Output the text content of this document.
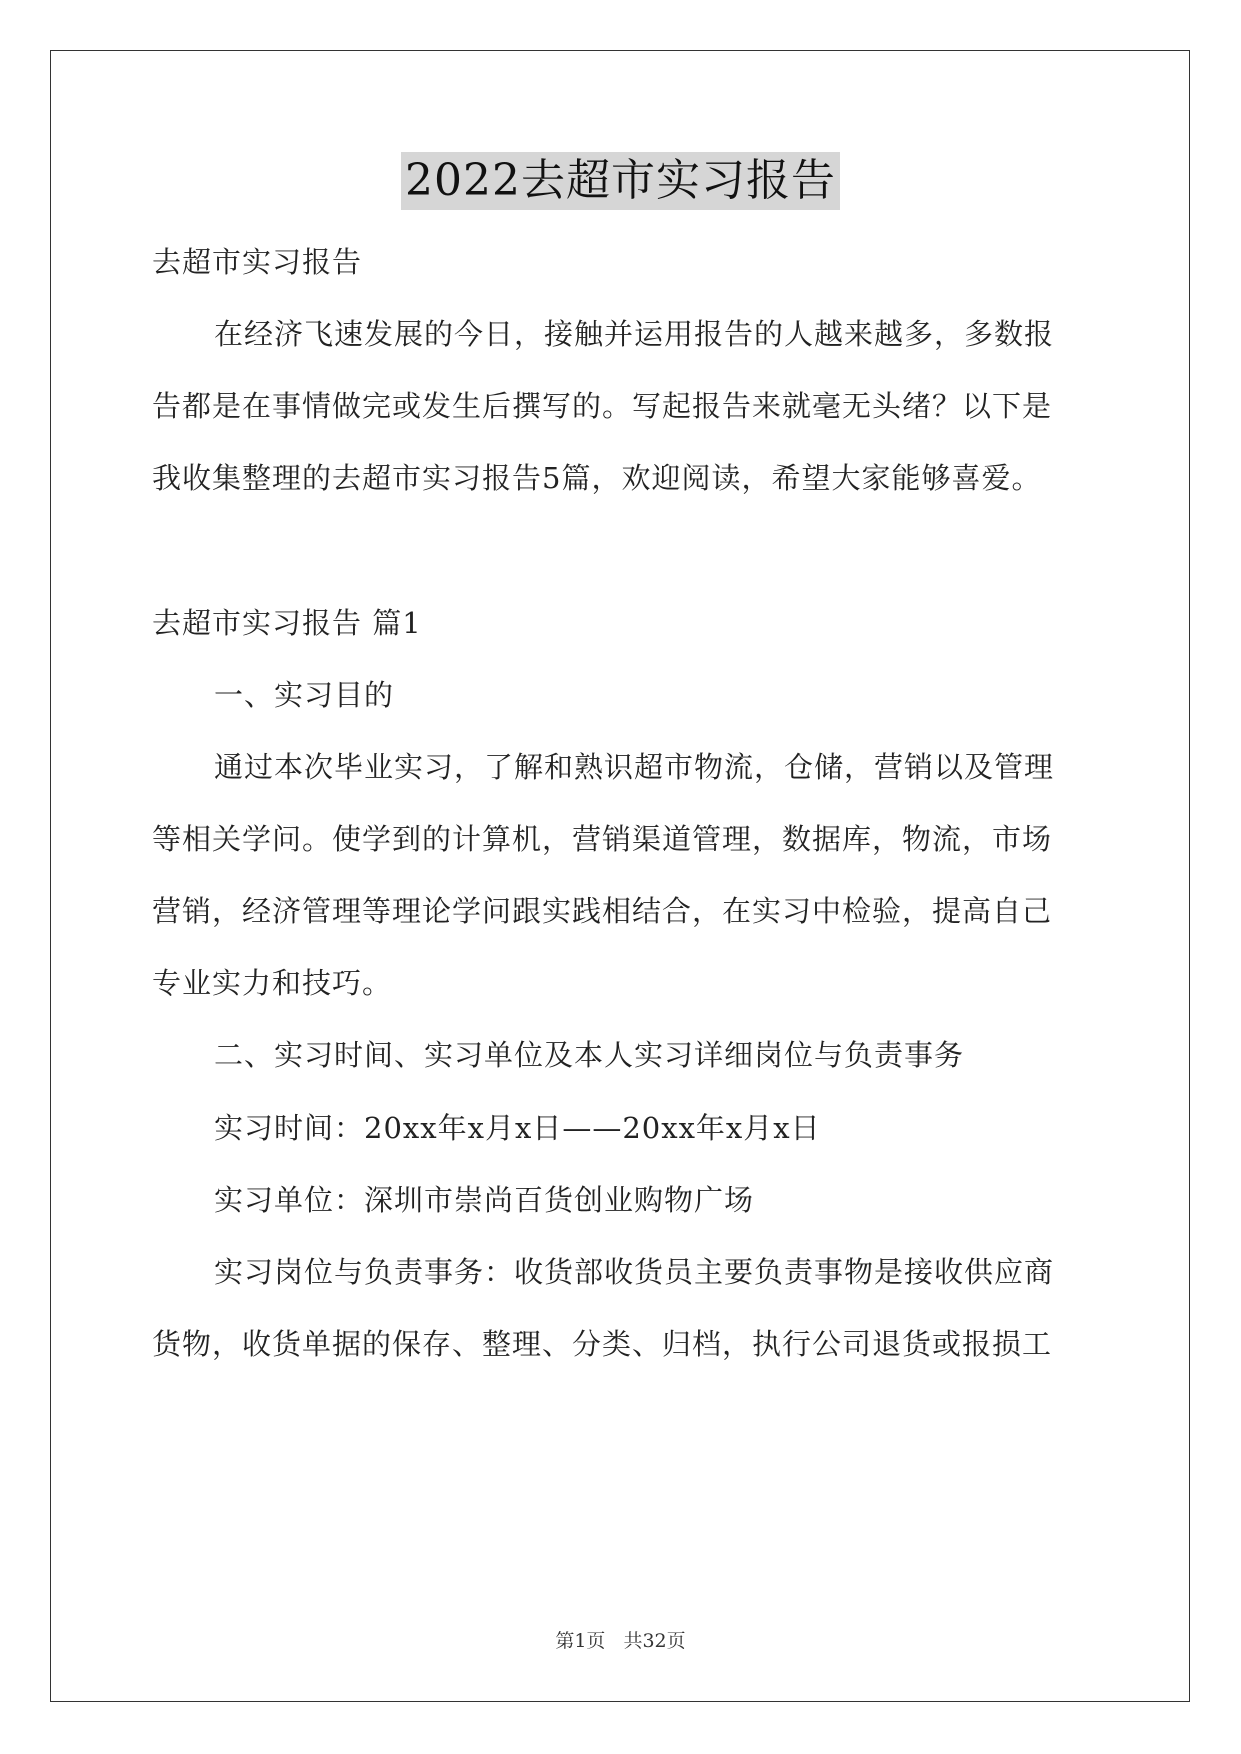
2022去超市实习报告
去超市实习报告
在经济飞速发展的今日，接触并运用报告的人越来越多，多数报
告都是在事情做完或发生后撰写的。写起报告来就毫无头绪？以下是
我收集整理的去超市实习报告5篇，欢迎阅读，希望大家能够喜爱。
去超市实习报告 篇1
一、实习目的
通过本次毕业实习，了解和熟识超市物流，仓储，营销以及管理
等相关学问。使学到的计算机，营销渠道管理，数据库，物流，市场
营销，经济管理等理论学问跟实践相结合，在实习中检验，提高自己
专业实力和技巧。
二、实习时间、实习单位及本人实习详细岗位与负责事务
实习时间：20xx年x月x日——20xx年x月x日
实习单位：深圳市崇尚百货创业购物广场
实习岗位与负责事务：收货部收货员主要负责事物是接收供应商
货物，收货单据的保存、整理、分类、归档，执行公司退货或报损工
第1页 共32页
